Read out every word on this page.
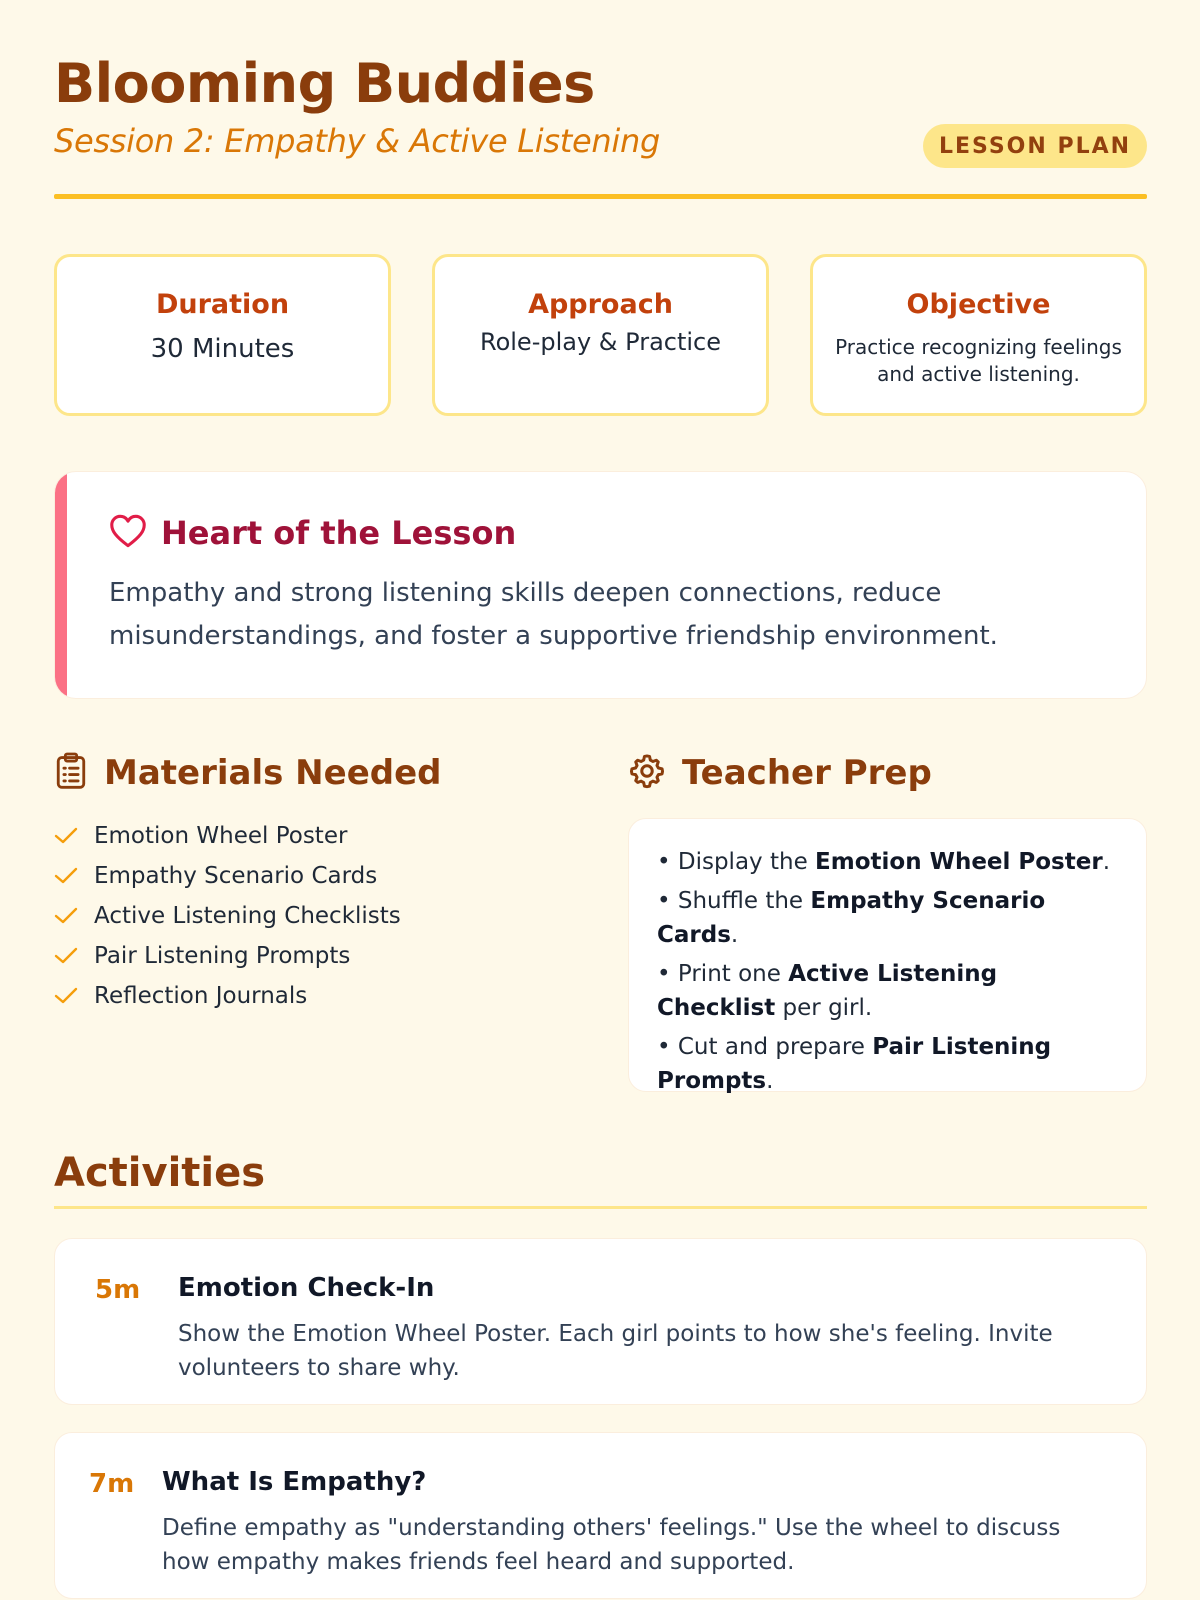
Blooming Buddies
Session 2: Empathy & Active Listening	LESSON PLAN
Duration
30 Minutes
Approach
Role-play & Practice
Objective
Practice recognizing feelings and active listening.
Heart of the Lesson

Empathy and strong listening skills deepen connections, reduce misunderstandings, and foster a supportive friendship environment.

Materials Needed
Emotion Wheel Poster
Empathy Scenario Cards
Active Listening Checklists
Pair Listening Prompts
Reflection Journals
Teacher Prep

• Display the Emotion Wheel Poster.

• Shuffle the Empathy Scenario Cards.

• Print one Active Listening Checklist per girl.

• Cut and prepare Pair Listening Prompts.

Activities
5m Emotion Check-In

Show the Emotion Wheel Poster. Each girl points to how she's feeling. Invite volunteers to share why.

7m What Is Empathy?

Define empathy as "understanding others' feelings." Use the wheel to discuss how empathy makes friends feel heard and supported.
